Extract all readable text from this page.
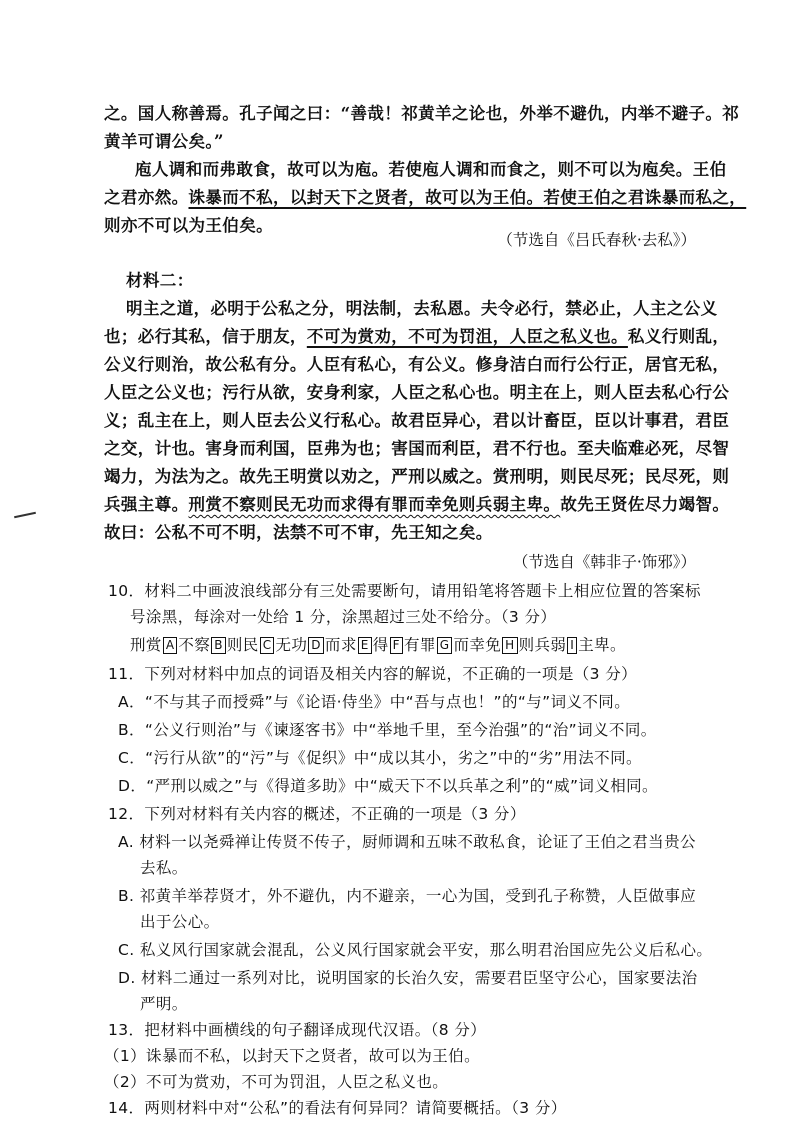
之。国人称善焉。孔子闻之曰：“善哉！祁黄羊之论也，外举不避仇，内举不避子。祁
黄羊可谓公矣。”
庖人调和而弗敢食，故可以为庖。若使庖人调和而食之，则不可以为庖矣。王伯
之君亦然。诛暴而不私，以封天下之贤者，故可以为王伯。若使王伯之君诛暴而私之，
则亦不可以为王伯矣。
（节选自《吕氏春秋·去私》）
材料二：
明主之道，必明于公私之分，明法制，去私恩。夫令必行，禁必止，人主之公义
也；必行其私，信于朋友，不可为赏劝，不可为罚沮，人臣之私义也。私义行则乱，
公义行则治，故公私有分。人臣有私心，有公义。修身洁白而行公行正，居官无私，
人臣之公义也；污行从欲，安身利家，人臣之私心也。明主在上，则人臣去私心行公
义；乱主在上，则人臣去公义行私心。故君臣异心，君以计畜臣，臣以计事君，君臣
之交，计也。害身而利国，臣弗为也；害国而利臣，君不行也。至夫临难必死，尽智
竭力，为法为之。故先王明赏以劝之，严刑以威之。赏刑明，则民尽死；民尽死，则
兵强主尊。刑赏不察则民无功而求得有罪而幸免则兵弱主卑。故先王贤佐尽力竭智。
故曰：公私不可不明，法禁不可不审，先王知之矣。
（节选自《韩非子·饰邪》）
10．材料二中画波浪线部分有三处需要断句，请用铅笔将答题卡上相应位置的答案标
号涂黑，每涂对一处给 1 分，涂黑超过三处不给分。（3 分）
刑赏 A 不察 B 则民 C 无功 D 而求 E 得 F 有罪 G 而幸免 H 则兵弱 I 主卑。
11．下列对材料中加点的词语及相关内容的解说，不正确的一项是（3 分）
A．“不与其子而授舜”与《论语·侍坐》中“吾与点也！”的“与”词义不同。
B．“公义行则治”与《谏逐客书》中“举地千里，至今治强”的“治”词义不同。
C．“污行从欲”的“污”与《促织》中“成以其小，劣之”中的“劣”用法不同。
D．“严刑以威之”与《得道多助》中“威天下不以兵革之利”的“威”词义相同。
12．下列对材料有关内容的概述，不正确的一项是（3 分）
A. 材料一以尧舜禅让传贤不传子，厨师调和五味不敢私食，论证了王伯之君当贵公
去私。
B. 祁黄羊举荐贤才，外不避仇，内不避亲，一心为国，受到孔子称赞，人臣做事应
出于公心。
C. 私义风行国家就会混乱，公义风行国家就会平安，那么明君治国应先公义后私心。
D. 材料二通过一系列对比，说明国家的长治久安，需要君臣坚守公心，国家要法治
严明。
13．把材料中画横线的句子翻译成现代汉语。（8 分）
（1）诛暴而不私，以封天下之贤者，故可以为王伯。
（2）不可为赏劝，不可为罚沮，人臣之私义也。
14．两则材料中对“公私”的看法有何异同？请简要概括。（3 分）
